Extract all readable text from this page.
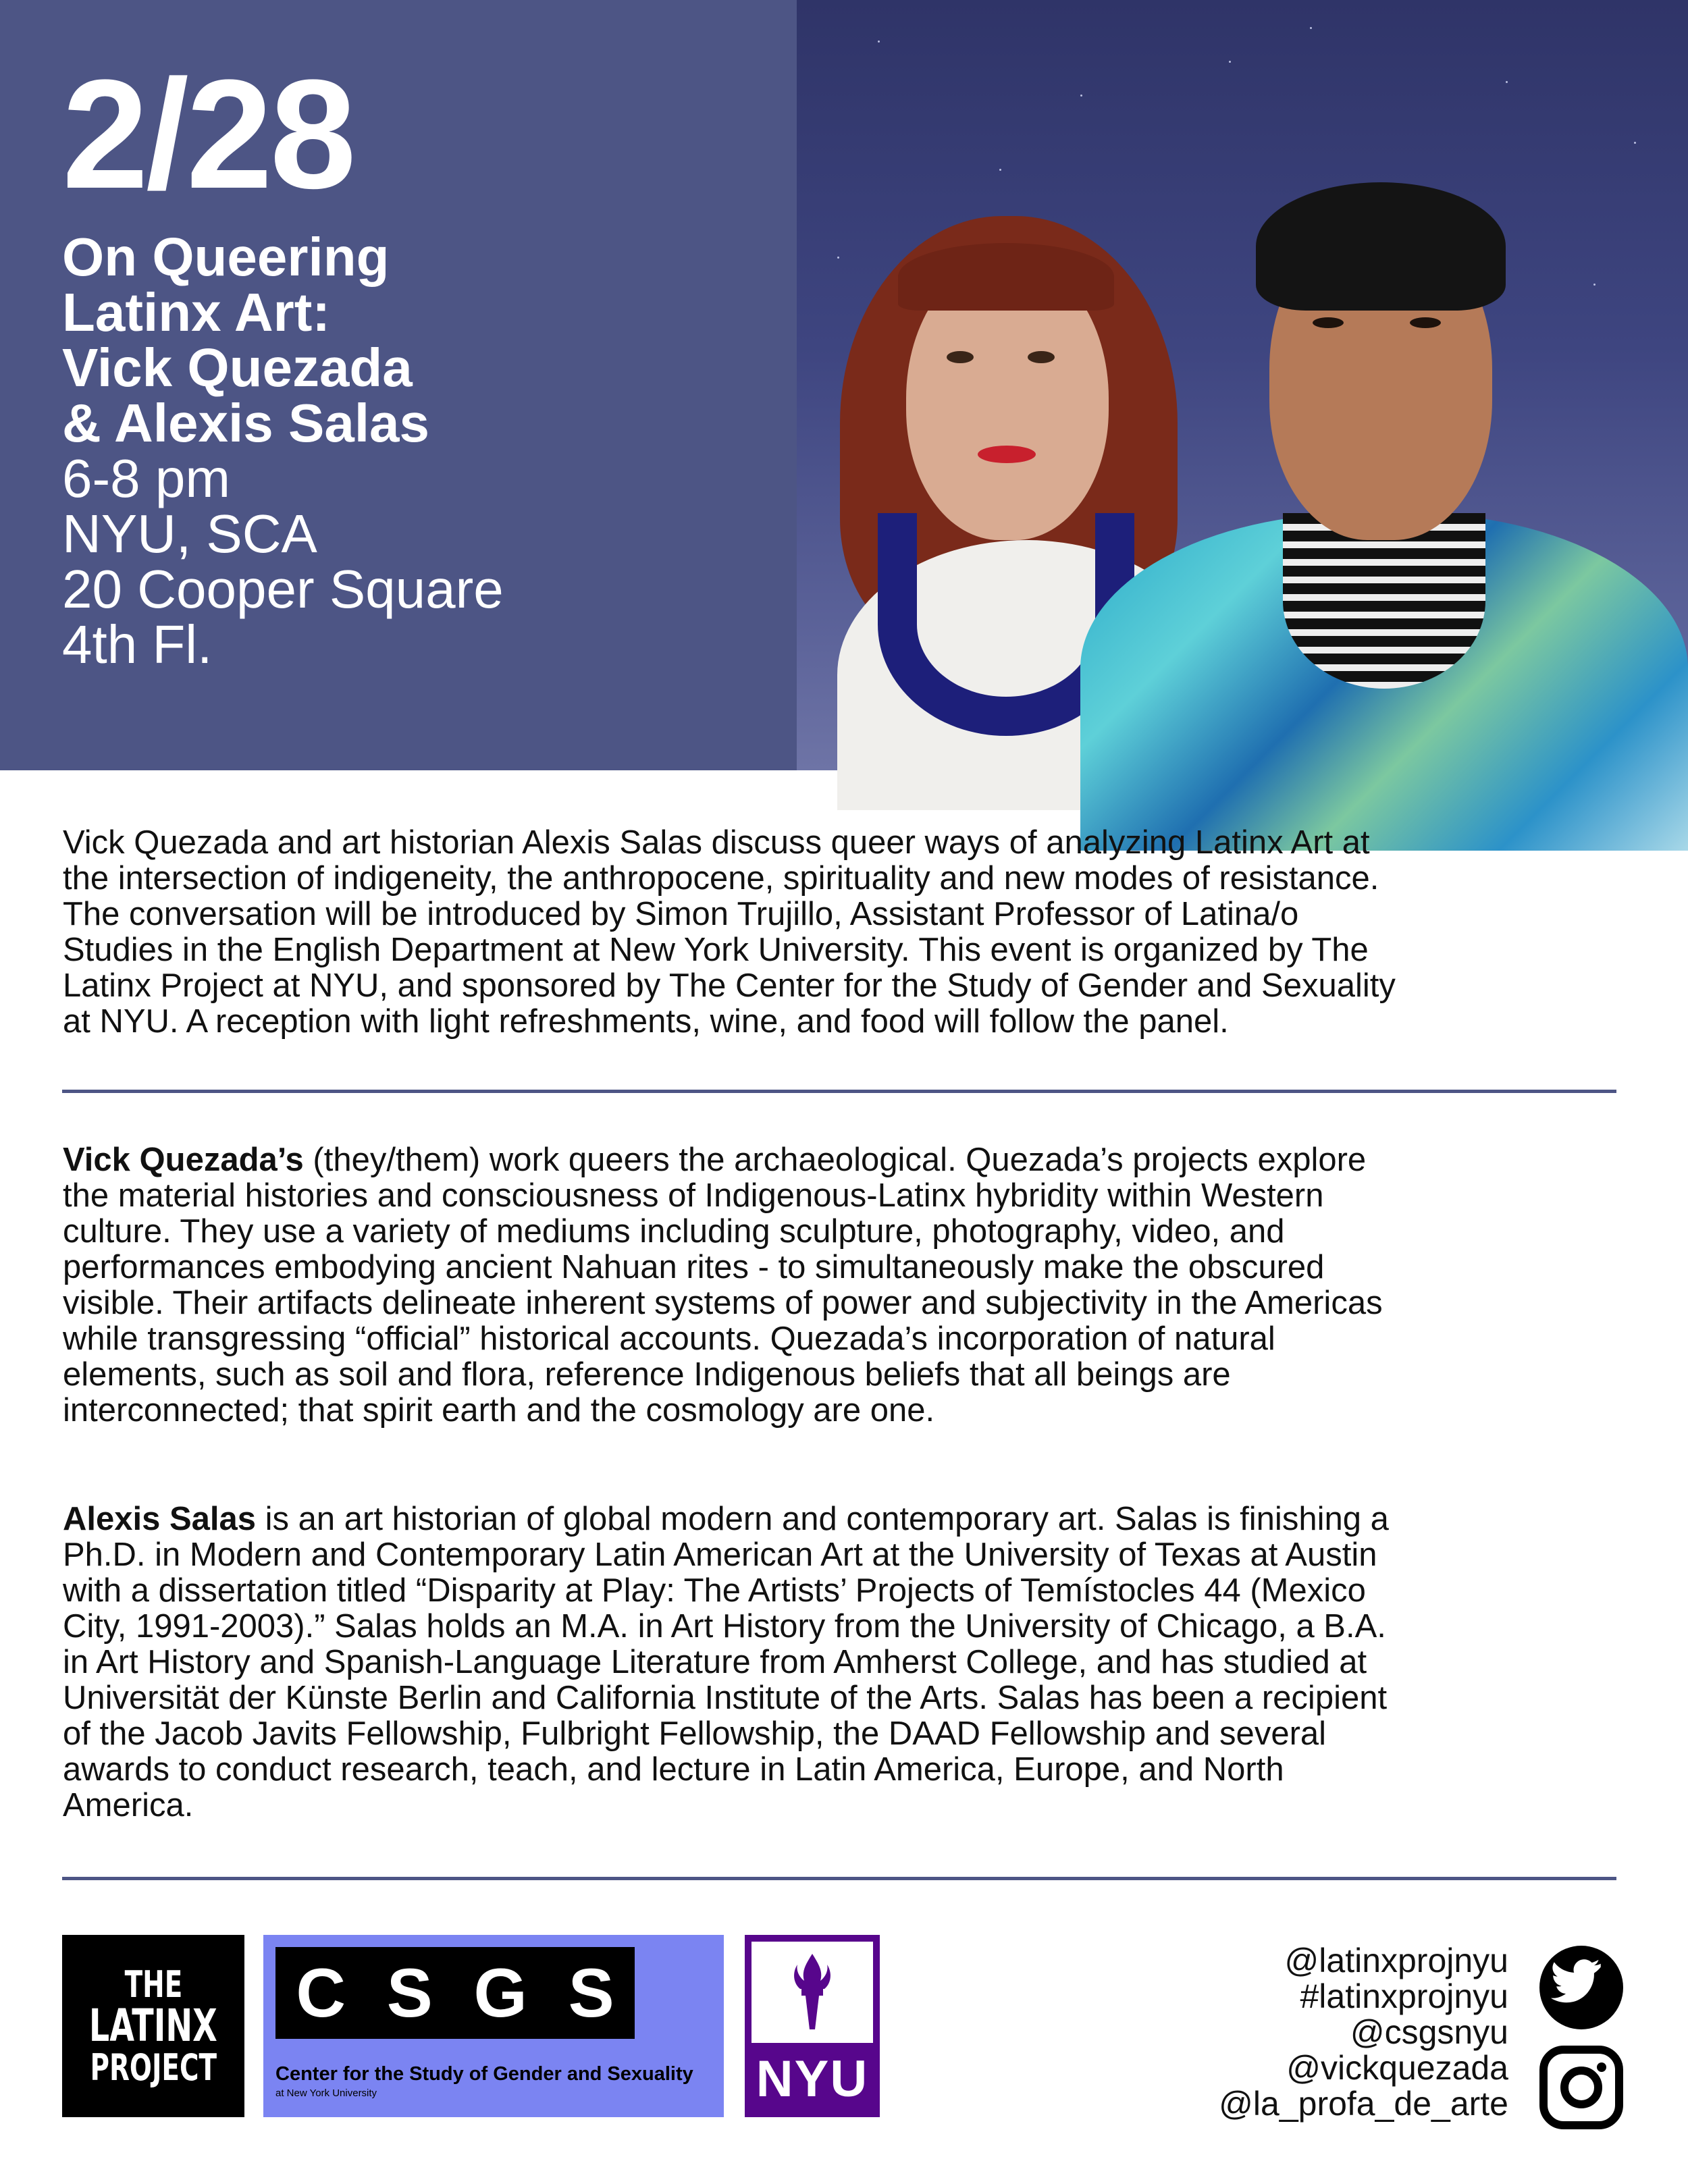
2/28
On Queering
Latinx Art:
Vick Quezada
& Alexis Salas
6-8 pm
NYU, SCA
20 Cooper Square
4th Fl.
Vick Quezada and art historian Alexis Salas discuss queer ways of analyzing Latinx Art at
the intersection of indigeneity, the anthropocene, spirituality and new modes of resistance.
The conversation will be introduced by Simon Trujillo, Assistant Professor of Latina/o
Studies in the English Department at New York University. This event is organized by The
Latinx Project at NYU, and sponsored by The Center for the Study of Gender and Sexuality
at NYU. A reception with light refreshments, wine, and food will follow the panel.
Vick Quezada’s (they/them) work queers the archaeological. Quezada’s projects explore
the material histories and consciousness of Indigenous-Latinx hybridity within Western
culture. They use a variety of mediums including sculpture, photography, video, and
performances embodying ancient Nahuan rites - to simultaneously make the obscured
visible. Their artifacts delineate inherent systems of power and subjectivity in the Americas
while transgressing “official” historical accounts. Quezada’s incorporation of natural
elements, such as soil and flora, reference Indigenous beliefs that all beings are
interconnected; that spirit earth and the cosmology are one.
Alexis Salas is an art historian of global modern and contemporary art. Salas is finishing a
Ph.D. in Modern and Contemporary Latin American Art at the University of Texas at Austin
with a dissertation titled “Disparity at Play: The Artists’ Projects of Temístocles 44 (Mexico
City, 1991-2003).” Salas holds an M.A. in Art History from the University of Chicago, a B.A.
in Art History and Spanish-Language Literature from Amherst College, and has studied at
Universität der Künste Berlin and California Institute of the Arts. Salas has been a recipient
of the Jacob Javits Fellowship, Fulbright Fellowship, the DAAD Fellowship and several
awards to conduct research, teach, and lecture in Latin America, Europe, and North
America.
THE
LATINX
PROJECT
C S G S
Center for the Study of Gender and Sexuality
at New York University	NYU
@latinxprojnyu
#latinxprojnyu
@csgsnyu
@vickquezada
@la_profa_de_arte
